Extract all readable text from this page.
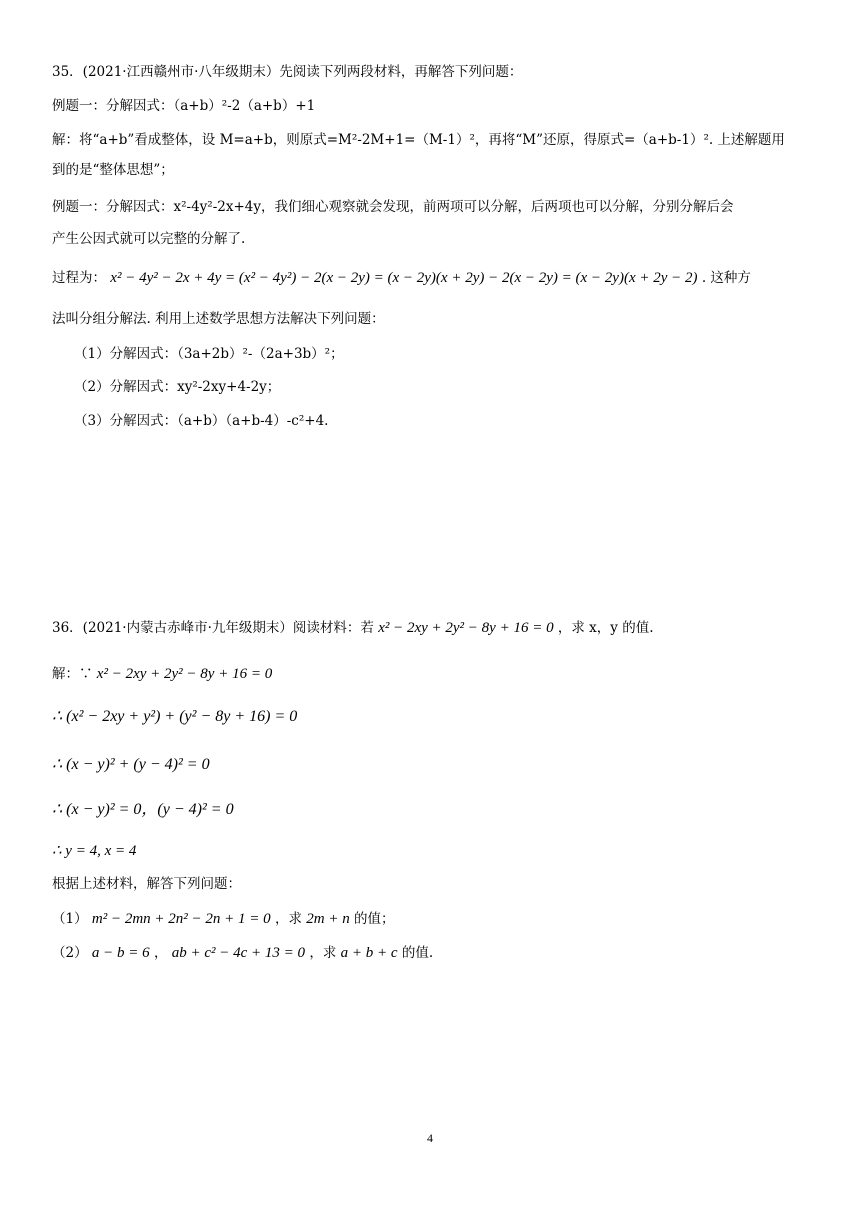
35．(2021·江西赣州市·八年级期末）先阅读下列两段材料，再解答下列问题：
例题一：分解因式：（a+b）²-2（a+b）+1
解：将“a+b”看成整体，设 M=a+b，则原式=M²-2M+1=（M-1）²，再将“M”还原，得原式=（a+b-1）². 上述解题用
到的是“整体思想”；
例题一：分解因式：x²-4y²-2x+4y，我们细心观察就会发现，前两项可以分解，后两项也可以分解，分别分解后会
产生公因式就可以完整的分解了.
过程为： x² − 4y² − 2x + 4y = (x² − 4y²) − 2(x − 2y) = (x − 2y)(x + 2y) − 2(x − 2y) = (x − 2y)(x + 2y − 2) . 这种方
法叫分组分解法. 利用上述数学思想方法解决下列问题：
（1）分解因式：（3a+2b）²-（2a+3b）²；
（2）分解因式：xy²-2xy+4-2y；
（3）分解因式：（a+b）（a+b-4）-c²+4.
36．(2021·内蒙古赤峰市·九年级期末）阅读材料：若 x² − 2xy + 2y² − 8y + 16 = 0 ，求 x，y 的值.
解：∵ x² − 2xy + 2y² − 8y + 16 = 0
∴ (x² − 2xy + y²) + (y² − 8y + 16) = 0
∴ (x − y)² + (y − 4)² = 0
∴ (x − y)² = 0，(y − 4)² = 0
∴ y = 4, x = 4
根据上述材料，解答下列问题：
（1） m² − 2mn + 2n² − 2n + 1 = 0 ，求 2m + n 的值；
（2） a − b = 6 ， ab + c² − 4c + 13 = 0 ，求 a + b + c 的值.
4
